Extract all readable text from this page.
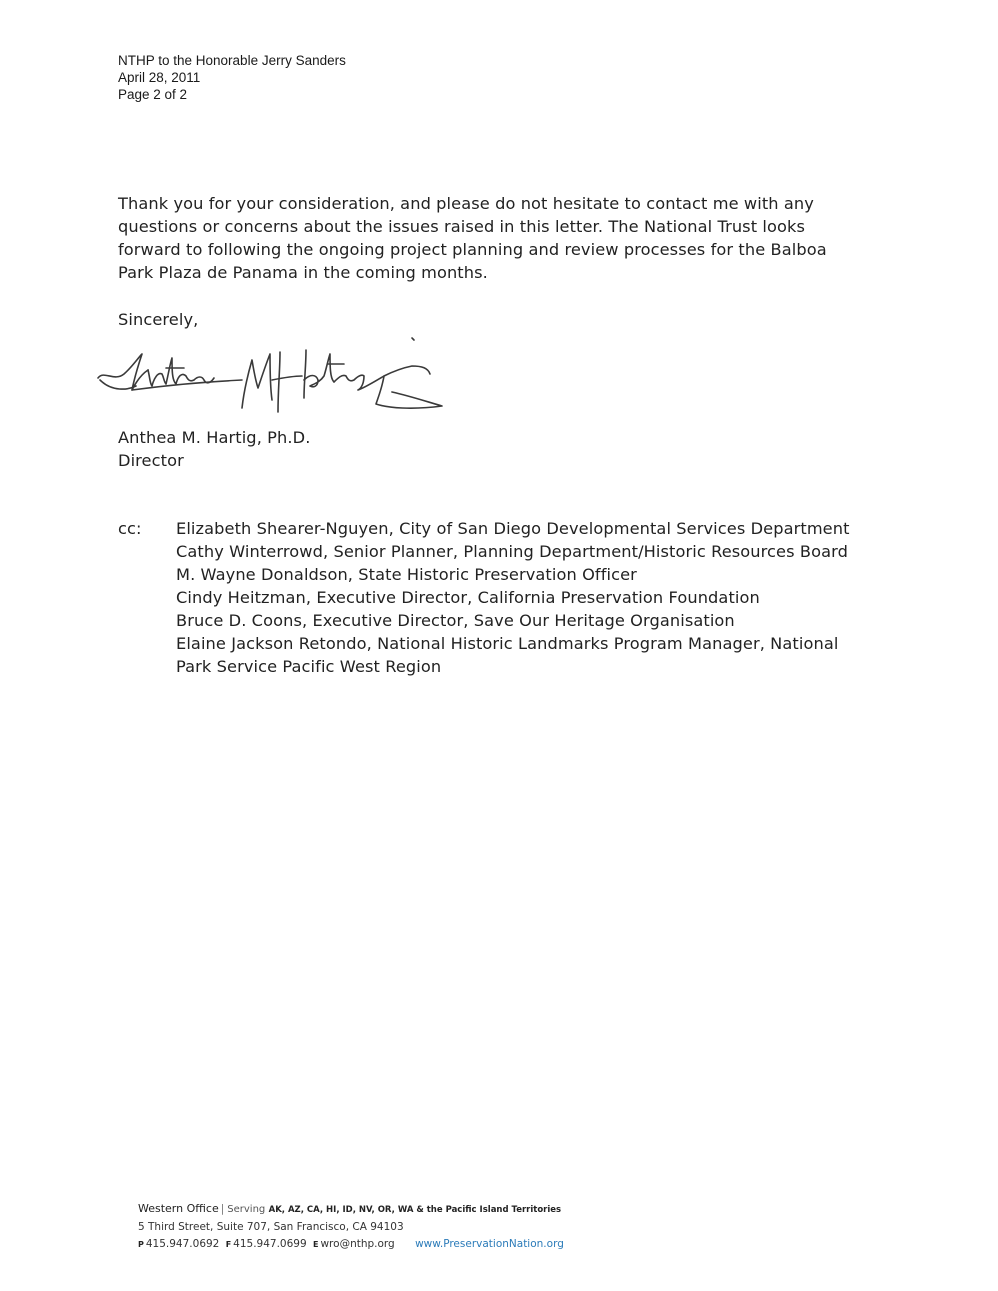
NTHP to the Honorable Jerry Sanders
April 28, 2011
Page 2 of 2

Thank you for your consideration, and please do not hesitate to contact me with any
questions or concerns about the issues raised in this letter. The National Trust looks
forward to following the ongoing project planning and review processes for the Balboa
Park Plaza de Panama in the coming months.

Sincerely,
Anthea M. Hartig, Ph.D.
Director
cc: Elizabeth Shearer-Nguyen, City of San Diego Developmental Services Department
Cathy Winterrowd, Senior Planner, Planning Department/Historic Resources Board
M. Wayne Donaldson, State Historic Preservation Officer
Cindy Heitzman, Executive Director, California Preservation Foundation
Bruce D. Coons, Executive Director, Save Our Heritage Organisation
Elaine Jackson Retondo, National Historic Landmarks Program Manager, National
Park Service Pacific West Region
Western Office | Serving AK, AZ, CA, HI, ID, NV, OR, WA & the Pacific Island Territories
5 Third Street, Suite 707, San Francisco, CA 94103
P 415.947.0692 F 415.947.0699 E wro@nthp.org www.PreservationNation.org
